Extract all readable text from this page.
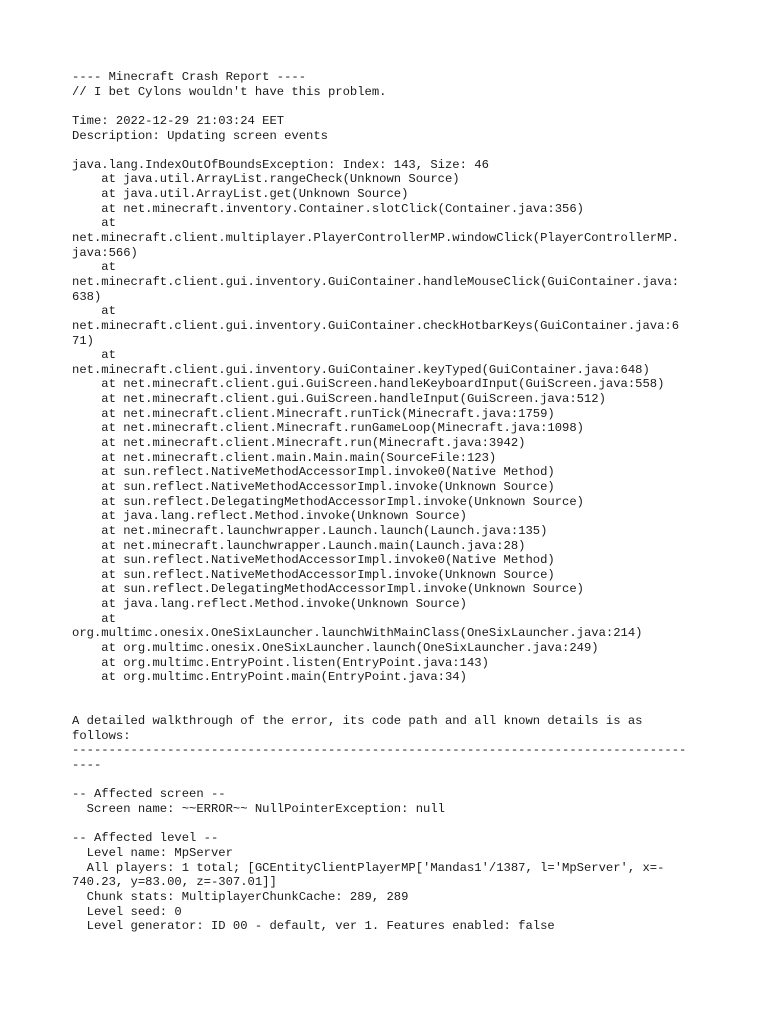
---- Minecraft Crash Report ----
// I bet Cylons wouldn't have this problem.
Time: 2022-12-29 21:03:24 EET
Description: Updating screen events
java.lang.IndexOutOfBoundsException: Index: 143, Size: 46
at java.util.ArrayList.rangeCheck(Unknown Source)
at java.util.ArrayList.get(Unknown Source)
at net.minecraft.inventory.Container.slotClick(Container.java:356)
at
net.minecraft.client.multiplayer.PlayerControllerMP.windowClick(PlayerControllerMP.
java:566)
at
net.minecraft.client.gui.inventory.GuiContainer.handleMouseClick(GuiContainer.java:
638)
at
net.minecraft.client.gui.inventory.GuiContainer.checkHotbarKeys(GuiContainer.java:6
71)
at
net.minecraft.client.gui.inventory.GuiContainer.keyTyped(GuiContainer.java:648)
at net.minecraft.client.gui.GuiScreen.handleKeyboardInput(GuiScreen.java:558)
at net.minecraft.client.gui.GuiScreen.handleInput(GuiScreen.java:512)
at net.minecraft.client.Minecraft.runTick(Minecraft.java:1759)
at net.minecraft.client.Minecraft.runGameLoop(Minecraft.java:1098)
at net.minecraft.client.Minecraft.run(Minecraft.java:3942)
at net.minecraft.client.main.Main.main(SourceFile:123)
at sun.reflect.NativeMethodAccessorImpl.invoke0(Native Method)
at sun.reflect.NativeMethodAccessorImpl.invoke(Unknown Source)
at sun.reflect.DelegatingMethodAccessorImpl.invoke(Unknown Source)
at java.lang.reflect.Method.invoke(Unknown Source)
at net.minecraft.launchwrapper.Launch.launch(Launch.java:135)
at net.minecraft.launchwrapper.Launch.main(Launch.java:28)
at sun.reflect.NativeMethodAccessorImpl.invoke0(Native Method)
at sun.reflect.NativeMethodAccessorImpl.invoke(Unknown Source)
at sun.reflect.DelegatingMethodAccessorImpl.invoke(Unknown Source)
at java.lang.reflect.Method.invoke(Unknown Source)
at
org.multimc.onesix.OneSixLauncher.launchWithMainClass(OneSixLauncher.java:214)
at org.multimc.onesix.OneSixLauncher.launch(OneSixLauncher.java:249)
at org.multimc.EntryPoint.listen(EntryPoint.java:143)
at org.multimc.EntryPoint.main(EntryPoint.java:34)
A detailed walkthrough of the error, its code path and all known details is as
follows:
------------------------------------------------------------------------------------
----
-- Affected screen --
Screen name: ~~ERROR~~ NullPointerException: null
-- Affected level --
Level name: MpServer
All players: 1 total; [GCEntityClientPlayerMP['Mandas1'/1387, l='MpServer', x=-
740.23, y=83.00, z=-307.01]]
Chunk stats: MultiplayerChunkCache: 289, 289
Level seed: 0
Level generator: ID 00 - default, ver 1. Features enabled: false
